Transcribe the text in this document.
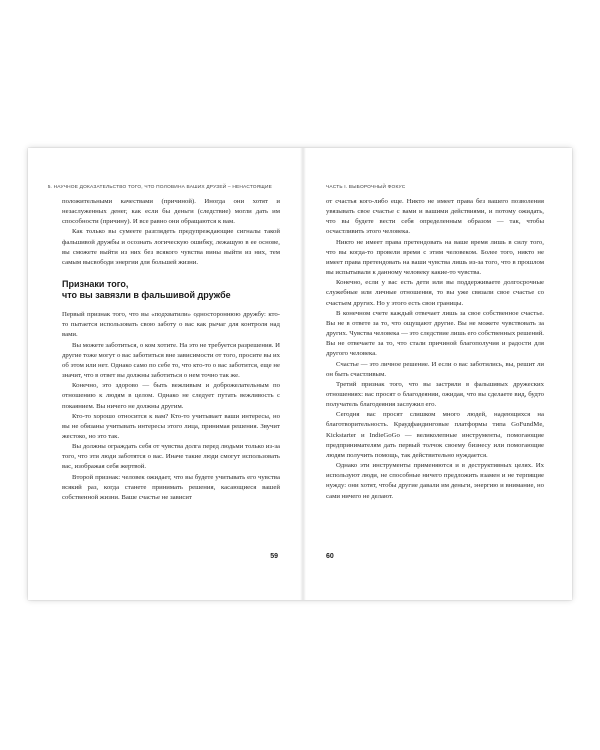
5. НАУЧНОЕ ДОКАЗАТЕЛЬСТВО ТОГО, ЧТО ПОЛОВИНА ВАШИХ ДРУЗЕЙ – НЕНАСТОЯЩИЕ

положительными качествами (причиной). Иногда они хотят и незаслуженных денег, как если бы деньги (следствие) могли дать им способности (причину). И все равно они обращаются к вам.

Как только вы сумеете разглядеть предупреждающие сигналы такой фальшивой дружбы и осознать логическую ошибку, лежащую в ее основе, вы сможете выйти из них без всякого чувства вины выйти из них, тем самым высвободи энергии для большей жизни.

Признаки того,
что вы завязли в фальшивой дружбе

Первый признак того, что вы «подхватили» одностороннюю дружбу: кто-то пытается использовать свою заботу о вас как рычаг для контроля над вами.

Вы можете заботиться, о ком хотите. На это не требуется разрешения. И другие тоже могут о вас заботиться вне зависимости от того, просите вы их об этом или нет. Однако само по себе то, что кто-то о вас заботится, еще не значит, что в ответ вы должны заботиться о нем точно так же.

Конечно, это здорово — быть вежливым и доброжелательным по отношению к людям в целом. Однако не следует путать вежливость с покаянием. Вы ничего не должны другим.

Кто-то хорошо относится к вам? Кто-то учитывает ваши интересы, но вы не обязаны учитывать интересы этого лица, принимая решения. Звучит жестоко, но это так.

Вы должны ограждать себя от чувства долга перед людьми только из-за того, что эти люди заботятся о вас. Иначе такие люди смогут использовать вас, изображая себя жертвой.

Второй признак: человек ожидает, что вы будете учитывать его чувства всякий раз, когда станете принимать решения, касающиеся вашей собственной жизни. Ваше счастье не зависит

59
ЧАСТЬ I. ВЫБОРОЧНЫЙ ФОКУС

от счастья кого-либо еще. Никто не имеет права без вашего позволения увязывать свое счастье с вами и вашими действиями, и потому ожидать, что вы будете вести себя определенным образом — так, чтобы осчастливить этого человека.

Никто не имеет права претендовать на ваше время лишь в силу того, что вы когда-то провели время с этим человеком. Более того, никто не имеет права претендовать на ваши чувства лишь из-за того, что в прошлом вы испытывали к данному человеку какие-то чувства.

Конечно, если у вас есть дети или вы поддерживаете долгосрочные служебные или личные отношения, то вы уже связали свое счастье со счастьем других. Но у этого есть свои границы.

В конечном счете каждый отвечает лишь за свое собственное счастье. Вы не в ответе за то, что ощущают другие. Вы не можете чувствовать за других. Чувства человека — это следствие лишь его собственных решений. Вы не отвечаете за то, что стали причиной благополучия и радости для другого человека.

Счастье — это личное решение. И если о вас заботились, вы, решит ли он быть счастливым.

Третий признак того, что вы застряли в фальшивых дружеских отношениях: вас просят о благодеянии, ожидая, что вы сделаете вид, будто получатель благодеяния заслужил его.

Сегодня вас просят слишком много людей, надеющихся на благотворительность. Краудфандинговые платформы типа GoFundMe, Kickstarter и IndieGoGo — великолепные инструменты, помогающие предпринимателям дать первый толчок своему бизнесу или помогающие людям получить помощь, так действительно нуждается.

Однако эти инструменты применяются и в деструктивных целях. Их используют люди, не способные ничего предложить взамен и не терпящие нужду: они хотят, чтобы другие давали им деньги, энергию и внимание, но сами ничего не делают.

60
